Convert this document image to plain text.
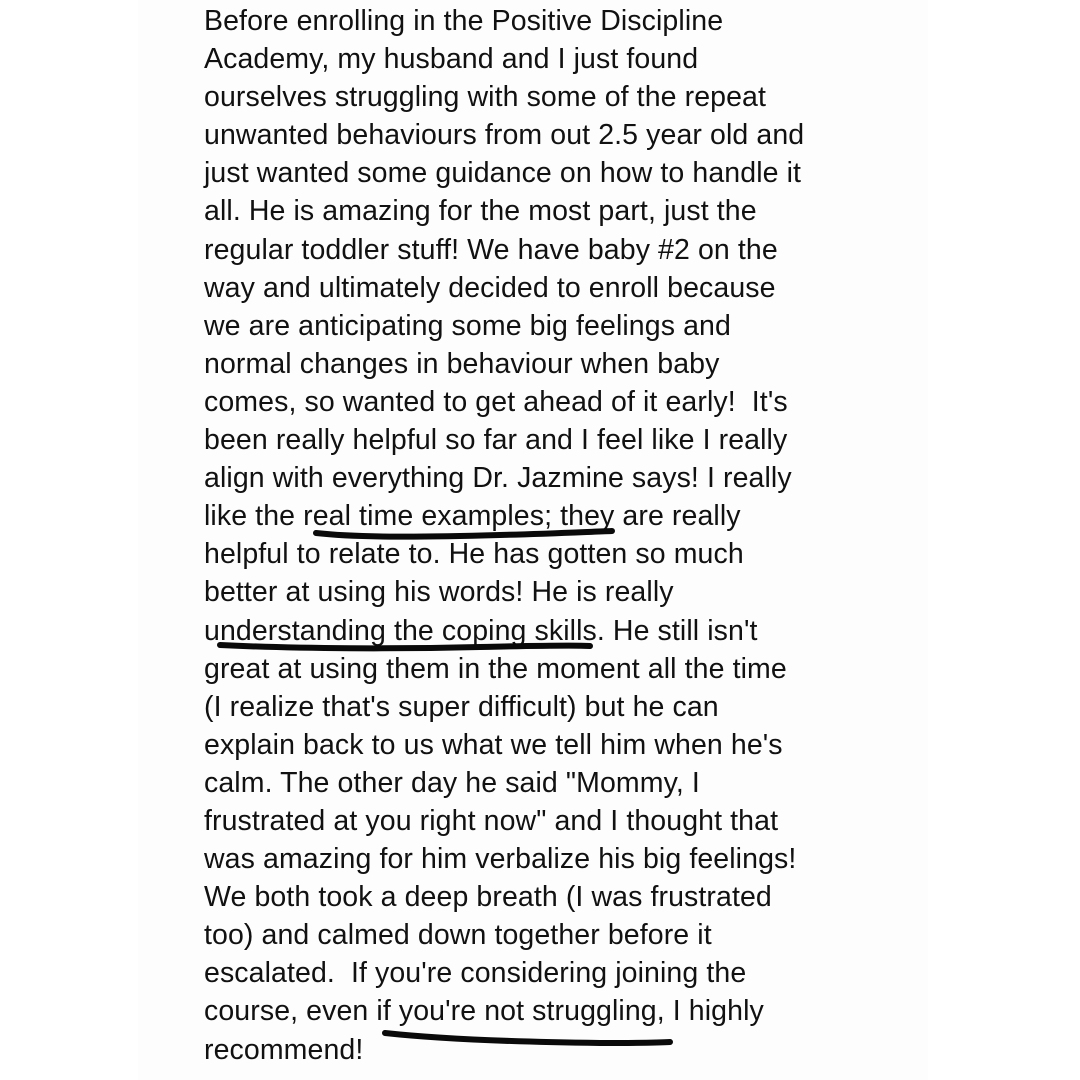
Before enrolling in the Positive Discipline
Academy, my husband and I just found
ourselves struggling with some of the repeat
unwanted behaviours from out 2.5 year old and
just wanted some guidance on how to handle it
all. He is amazing for the most part, just the
regular toddler stuff! We have baby #2 on the
way and ultimately decided to enroll because
we are anticipating some big feelings and
normal changes in behaviour when baby
comes, so wanted to get ahead of it early!  It's
been really helpful so far and I feel like I really
align with everything Dr. Jazmine says! I really
like the real time examples; they are really
helpful to relate to. He has gotten so much
better at using his words! He is really
understanding the coping skills. He still isn't
great at using them in the moment all the time
(I realize that's super difficult) but he can
explain back to us what we tell him when he's
calm. The other day he said "Mommy, I
frustrated at you right now" and I thought that
was amazing for him verbalize his big feelings!
We both took a deep breath (I was frustrated
too) and calmed down together before it
escalated.  If you're considering joining the
course, even if you're not struggling, I highly
recommend!
